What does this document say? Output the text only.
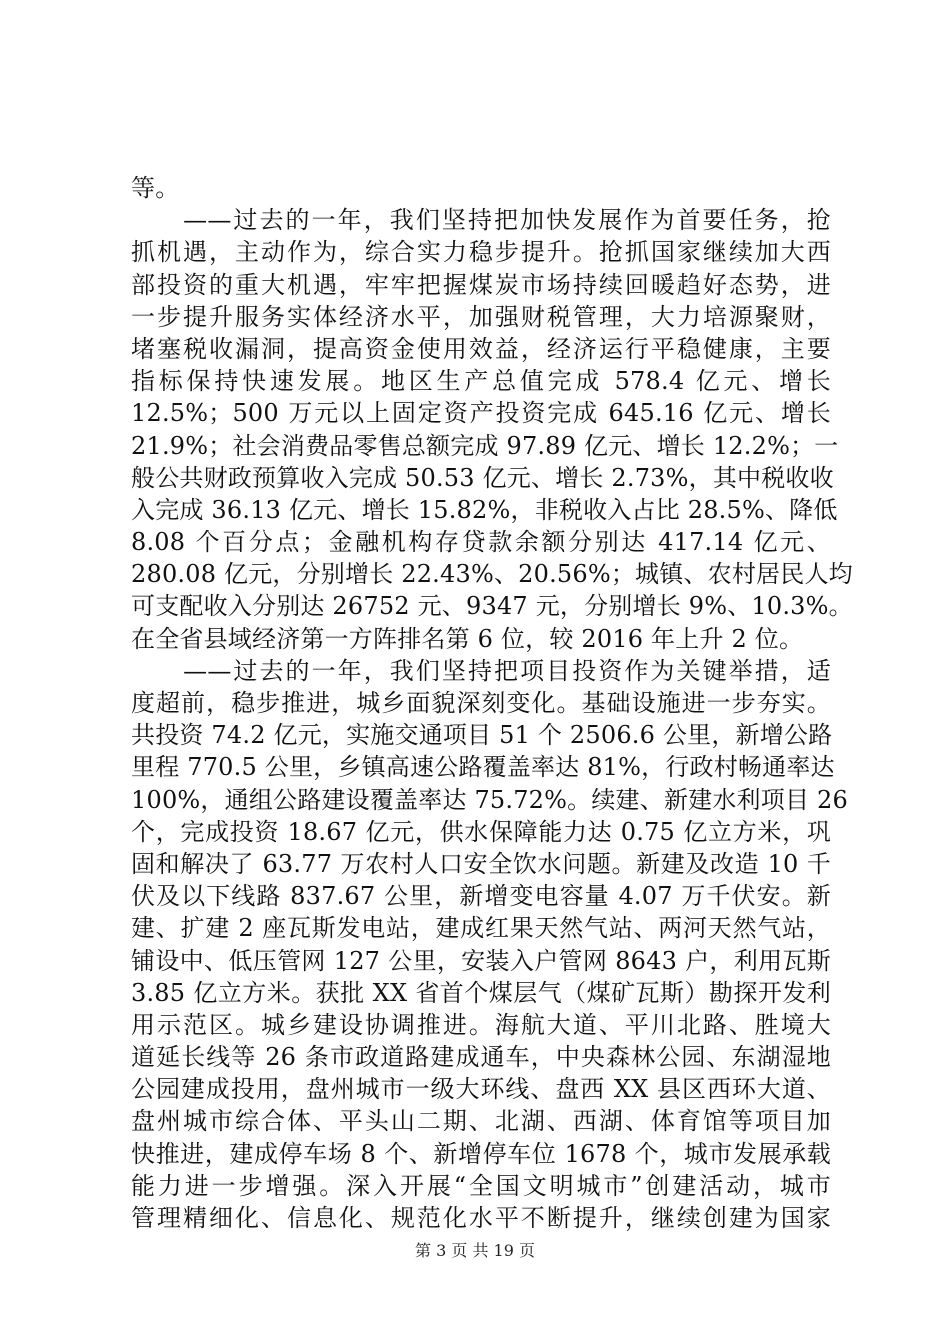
等。
　　——过去的一年，我们坚持把加快发展作为首要任务，抢
抓机遇，主动作为，综合实力稳步提升。抢抓国家继续加大西
部投资的重大机遇，牢牢把握煤炭市场持续回暖趋好态势，进
一步提升服务实体经济水平，加强财税管理，大力培源聚财，
堵塞税收漏洞，提高资金使用效益，经济运行平稳健康，主要
指标保持快速发展。地区生产总值完成 578.4 亿元、增长
12.5%；500 万元以上固定资产投资完成 645.16 亿元、增长
21.9%；社会消费品零售总额完成 97.89 亿元、增长 12.2%；一
般公共财政预算收入完成 50.53 亿元、增长 2.73%，其中税收收
入完成 36.13 亿元、增长 15.82%，非税收入占比 28.5%、降低
8.08 个百分点；金融机构存贷款余额分别达 417.14 亿元、
280.08 亿元，分别增长 22.43%、20.56%；城镇、农村居民人均
可支配收入分别达 26752 元、9347 元，分别增长 9%、10.3%。
在全省县域经济第一方阵排名第 6 位，较 2016 年上升 2 位。
　　——过去的一年，我们坚持把项目投资作为关键举措，适
度超前，稳步推进，城乡面貌深刻变化。基础设施进一步夯实。
共投资 74.2 亿元，实施交通项目 51 个 2506.6 公里，新增公路
里程 770.5 公里，乡镇高速公路覆盖率达 81%，行政村畅通率达
100%，通组公路建设覆盖率达 75.72%。续建、新建水利项目 26
个，完成投资 18.67 亿元，供水保障能力达 0.75 亿立方米，巩
固和解决了 63.77 万农村人口安全饮水问题。新建及改造 10 千
伏及以下线路 837.67 公里，新增变电容量 4.07 万千伏安。新
建、扩建 2 座瓦斯发电站，建成红果天然气站、两河天然气站，
铺设中、低压管网 127 公里，安装入户管网 8643 户，利用瓦斯
3.85 亿立方米。获批 XX 省首个煤层气（煤矿瓦斯）勘探开发利
用示范区。城乡建设协调推进。海航大道、平川北路、胜境大
道延长线等 26 条市政道路建成通车，中央森林公园、东湖湿地
公园建成投用，盘州城市一级大环线、盘西 XX 县区西环大道、
盘州城市综合体、平头山二期、北湖、西湖、体育馆等项目加
快推进，建成停车场 8 个、新增停车位 1678 个，城市发展承载
能力进一步增强。深入开展“全国文明城市”创建活动，城市
管理精细化、信息化、规范化水平不断提升，继续创建为国家
第 3 页 共 19 页
